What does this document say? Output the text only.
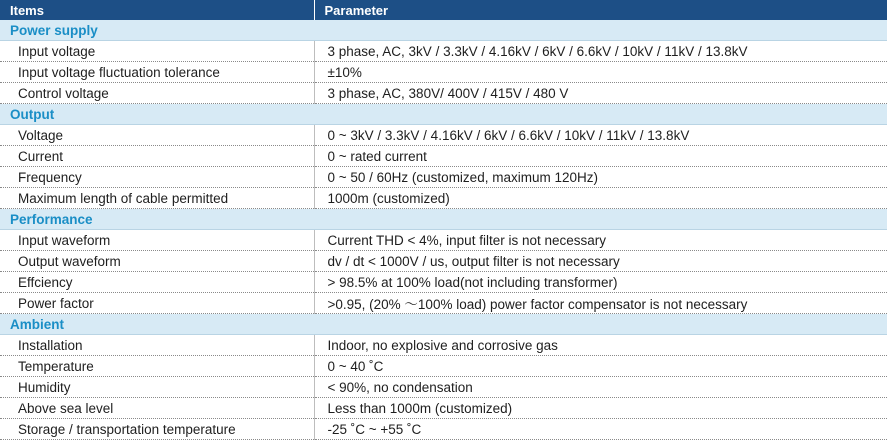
Items	Parameter
Power supply	
Input voltage	3 phase, AC, 3kV / 3.3kV / 4.16kV / 6kV / 6.6kV / 10kV / 11kV / 13.8kV
Input voltage fluctuation tolerance	±10%
Control voltage	3 phase, AC, 380V/ 400V / 415V / 480 V
Output	
Voltage	0 ~ 3kV / 3.3kV / 4.16kV / 6kV / 6.6kV / 10kV / 11kV / 13.8kV
Current	0 ~ rated current
Frequency	0 ~ 50 / 60Hz (customized, maximum 120Hz)
Maximum length of cable permitted	1000m (customized)
Performance	
Input waveform	Current THD < 4%, input filter is not necessary
Output waveform	dv / dt < 1000V / us, output filter is not necessary
Effciency	> 98.5% at 100% load(not including transformer)
Power factor	>0.95, (20% ～100% load) power factor compensator is not necessary
Ambient	
Installation	Indoor, no explosive and corrosive gas
Temperature	0 ~ 40 ˚C
Humidity	< 90%, no condensation
Above sea level	Less than 1000m (customized)
Storage / transportation temperature	-25 ˚C ~ +55 ˚C
